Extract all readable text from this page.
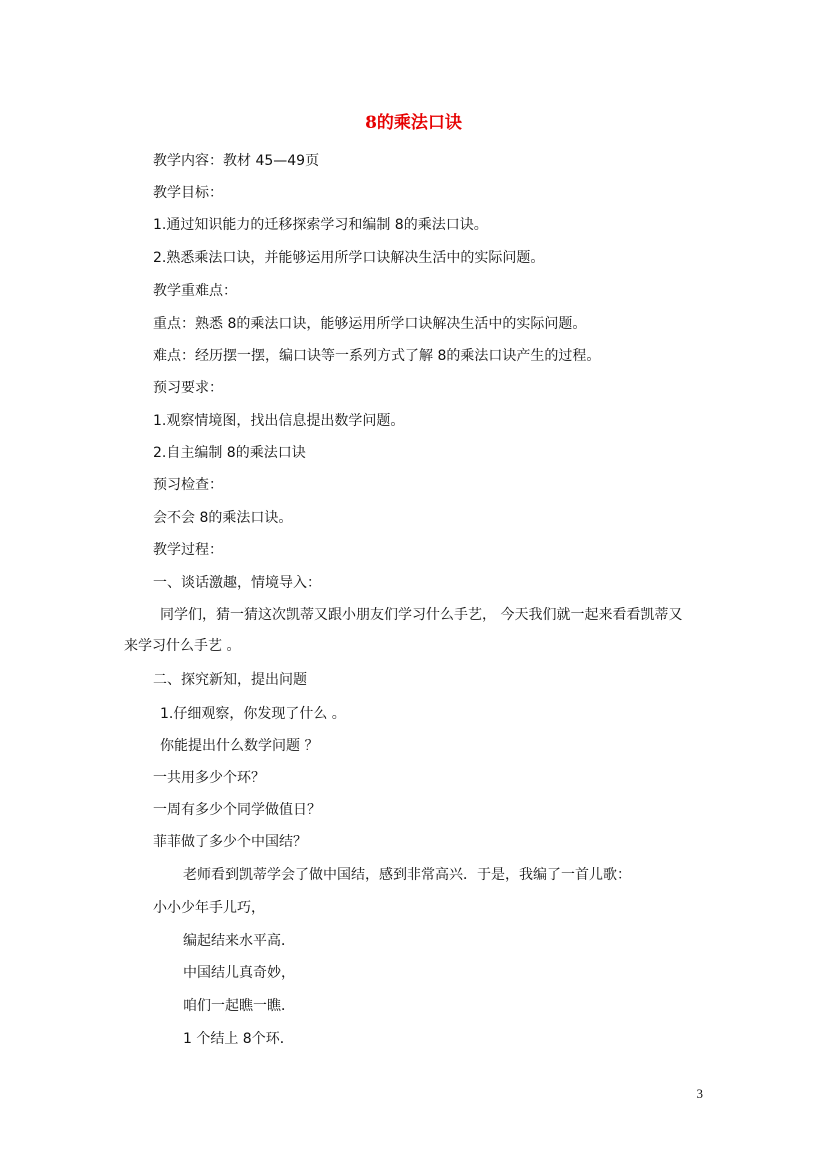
8的乘法口诀
教学内容：教材 45—49页
教学目标：
1.通过知识能力的迁移探索学习和编制 8的乘法口诀。
2.熟悉乘法口诀，并能够运用所学口诀解决生活中的实际问题。
教学重难点：
重点：熟悉 8的乘法口诀，能够运用所学口诀解决生活中的实际问题。
难点：经历摆一摆，编口诀等一系列方式了解 8的乘法口诀产生的过程。
预习要求：
1.观察情境图，找出信息提出数学问题。
2.自主编制 8的乘法口诀
预习检查：
会不会 8的乘法口诀。
教学过程：
一、谈话激趣，情境导入：
同学们，猜一猜这次凯蒂又跟小朋友们学习什么手艺， 今天我们就一起来看看凯蒂又
来学习什么手艺 。
二、探究新知，提出问题
1.仔细观察，你发现了什么 。
你能提出什么数学问题 ？
一共用多少个环？
一周有多少个同学做值日？
菲菲做了多少个中国结？
老师看到凯蒂学会了做中国结，感到非常高兴．于是，我编了一首儿歌：
小小少年手儿巧，
编起结来水平高．
中国结儿真奇妙，
咱们一起瞧一瞧．
1 个结上 8个环．
3
